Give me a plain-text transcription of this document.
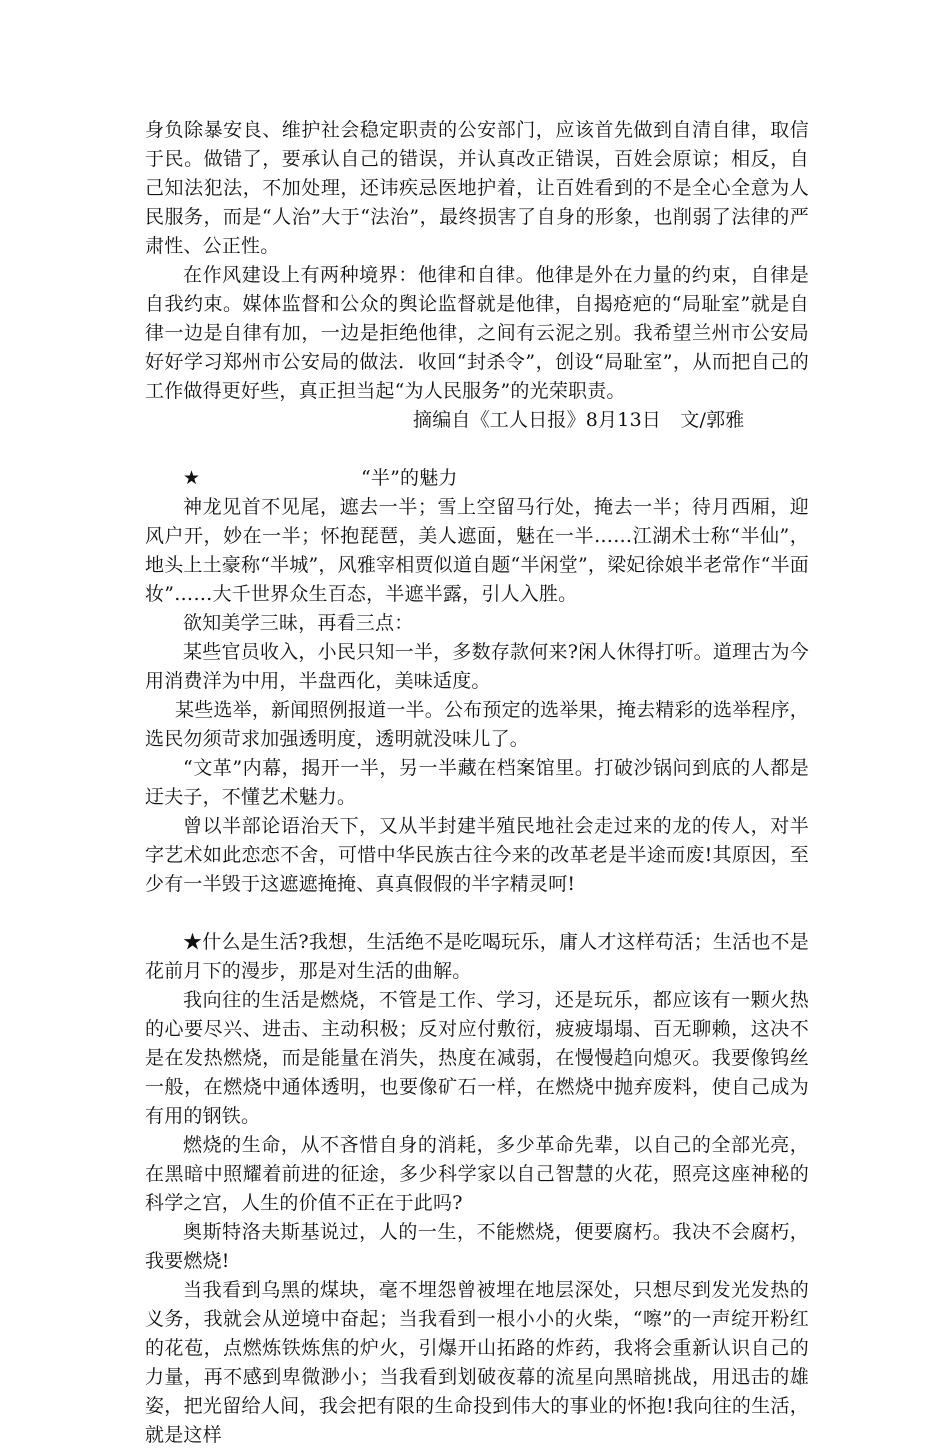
身负除暴安良、维护社会稳定职责的公安部门，应该首先做到自清自律，取信于民。做错了，要承认自己的错误，并认真改正错误，百姓会原谅；相反，自己知法犯法，不加处理，还讳疾忌医地护着，让百姓看到的不是全心全意为人民服务，而是“人治”大于“法治”，最终损害了自身的形象，也削弱了法律的严肃性、公正性。

在作风建设上有两种境界：他律和自律。他律是外在力量的约束，自律是自我约束。媒体监督和公众的舆论监督就是他律，自揭疮疤的“局耻室”就是自律一边是自律有加，一边是拒绝他律，之间有云泥之别。我希望兰州市公安局好好学习郑州市公安局的做法．收回“封杀令”，创设“局耻室”，从而把自己的工作做得更好些，真正担当起“为人民服务”的光荣职责。

摘编自《工人日报》8月13日　文/郭雅

★	“半”的魅力

神龙见首不见尾，遮去一半；雪上空留马行处，掩去一半；待月西厢，迎风户开，妙在一半；怀抱琵琶，美人遮面，魅在一半……江湖术士称“半仙”，地头上土豪称“半城”，风雅宰相贾似道自题“半闲堂”，梁妃徐娘半老常作“半面妆”……大千世界众生百态，半遮半露，引人入胜。

欲知美学三昧，再看三点：

某些官员收入，小民只知一半，多数存款何来?闲人休得打听。道理古为今用消费洋为中用，半盘西化，美味适度。

某些选举，新闻照例报道一半。公布预定的选举果，掩去精彩的选举程序，选民勿须苛求加强透明度，透明就没味儿了。

“文革”内幕，揭开一半，另一半藏在档案馆里。打破沙锅问到底的人都是迂夫子，不懂艺术魅力。

曾以半部论语治天下，又从半封建半殖民地社会走过来的龙的传人，对半字艺术如此恋恋不舍，可惜中华民族古往今来的改革老是半途而废!其原因，至少有一半毁于这遮遮掩掩、真真假假的半字精灵呵!

★什么是生活?我想，生活绝不是吃喝玩乐，庸人才这样苟活；生活也不是花前月下的漫步，那是对生活的曲解。

我向往的生活是燃烧，不管是工作、学习，还是玩乐，都应该有一颗火热的心要尽兴、进击、主动积极；反对应付敷衍，疲疲塌塌、百无聊赖，这决不是在发热燃烧，而是能量在消失，热度在减弱，在慢慢趋向熄灭。我要像钨丝一般，在燃烧中通体透明，也要像矿石一样，在燃烧中抛弃废料，使自己成为有用的钢铁。

燃烧的生命，从不吝惜自身的消耗，多少革命先辈，以自己的全部光亮，在黑暗中照耀着前进的征途，多少科学家以自己智慧的火花，照亮这座神秘的科学之宫，人生的价值不正在于此吗?

奥斯特洛夫斯基说过，人的一生，不能燃烧，便要腐朽。我决不会腐朽，我要燃烧!

当我看到乌黑的煤块，毫不埋怨曾被埋在地层深处，只想尽到发光发热的义务，我就会从逆境中奋起；当我看到一根小小的火柴，“嚓”的一声绽开粉红的花苞，点燃炼铁炼焦的炉火，引爆开山拓路的炸药，我将会重新认识自己的力量，再不感到卑微渺小；当我看到划破夜幕的流星向黑暗挑战，用迅击的雄姿，把光留给人间，我会把有限的生命投到伟大的事业的怀抱!我向往的生活，就是这样
